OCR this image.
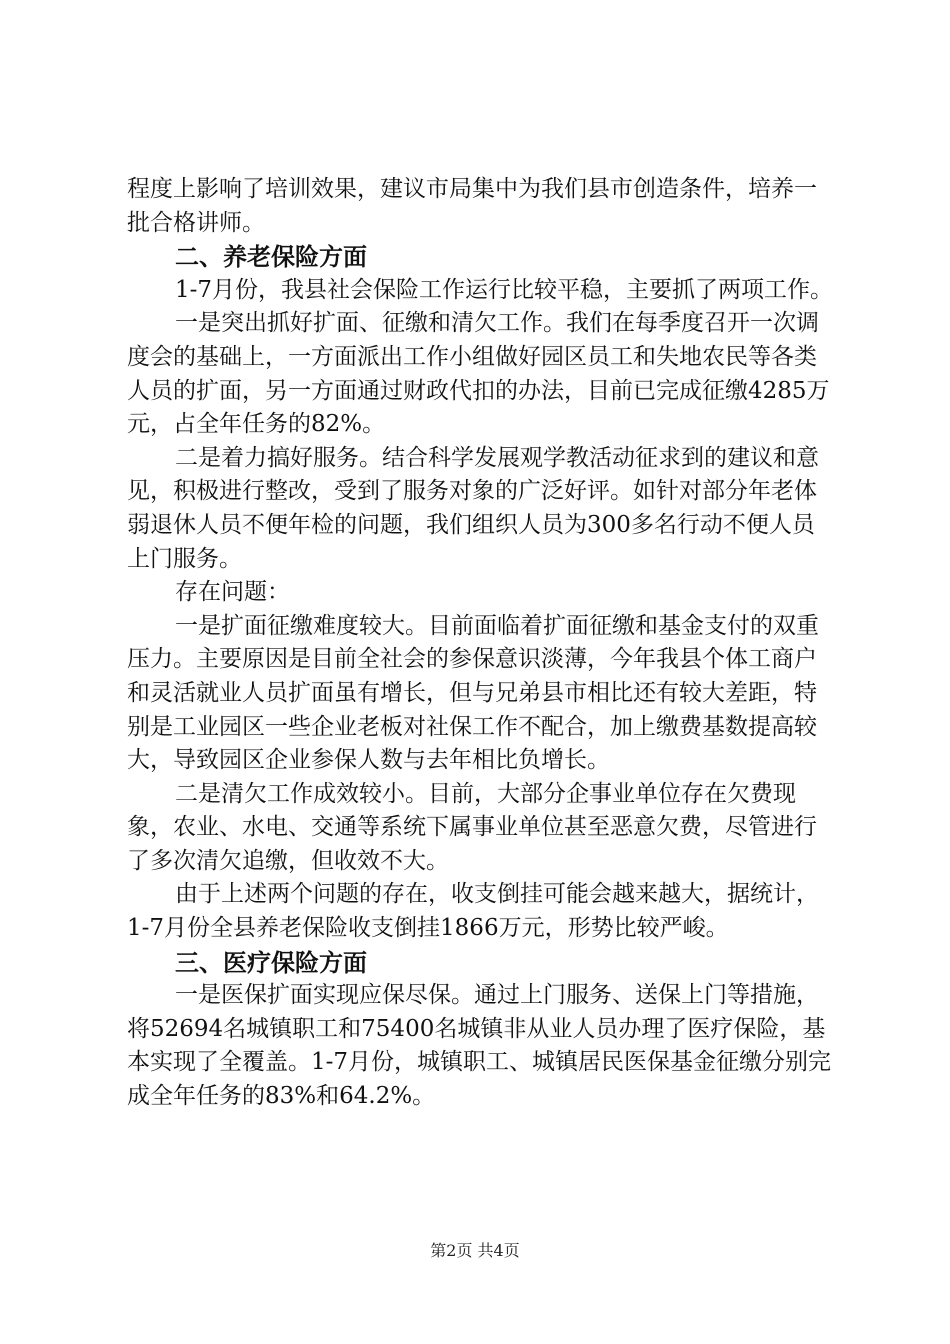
程度上影响了培训效果，建议市局集中为我们县市创造条件，培养一批合格讲师。

二、养老保险方面

1-7月份，我县社会保险工作运行比较平稳，主要抓了两项工作。

一是突出抓好扩面、征缴和清欠工作。我们在每季度召开一次调度会的基础上，一方面派出工作小组做好园区员工和失地农民等各类人员的扩面，另一方面通过财政代扣的办法，目前已完成征缴4285万元，占全年任务的82%。

二是着力搞好服务。结合科学发展观学教活动征求到的建议和意见，积极进行整改，受到了服务对象的广泛好评。如针对部分年老体弱退休人员不便年检的问题，我们组织人员为300多名行动不便人员上门服务。

存在问题：

一是扩面征缴难度较大。目前面临着扩面征缴和基金支付的双重压力。主要原因是目前全社会的参保意识淡薄，今年我县个体工商户和灵活就业人员扩面虽有增长，但与兄弟县市相比还有较大差距，特别是工业园区一些企业老板对社保工作不配合，加上缴费基数提高较大，导致园区企业参保人数与去年相比负增长。

二是清欠工作成效较小。目前，大部分企事业单位存在欠费现象，农业、水电、交通等系统下属事业单位甚至恶意欠费，尽管进行了多次清欠追缴，但收效不大。

由于上述两个问题的存在，收支倒挂可能会越来越大，据统计，1-7月份全县养老保险收支倒挂1866万元，形势比较严峻。

三、医疗保险方面

一是医保扩面实现应保尽保。通过上门服务、送保上门等措施，将52694名城镇职工和75400名城镇非从业人员办理了医疗保险，基本实现了全覆盖。1-7月份，城镇职工、城镇居民医保基金征缴分别完成全年任务的83%和64.2%。

第2页 共4页
